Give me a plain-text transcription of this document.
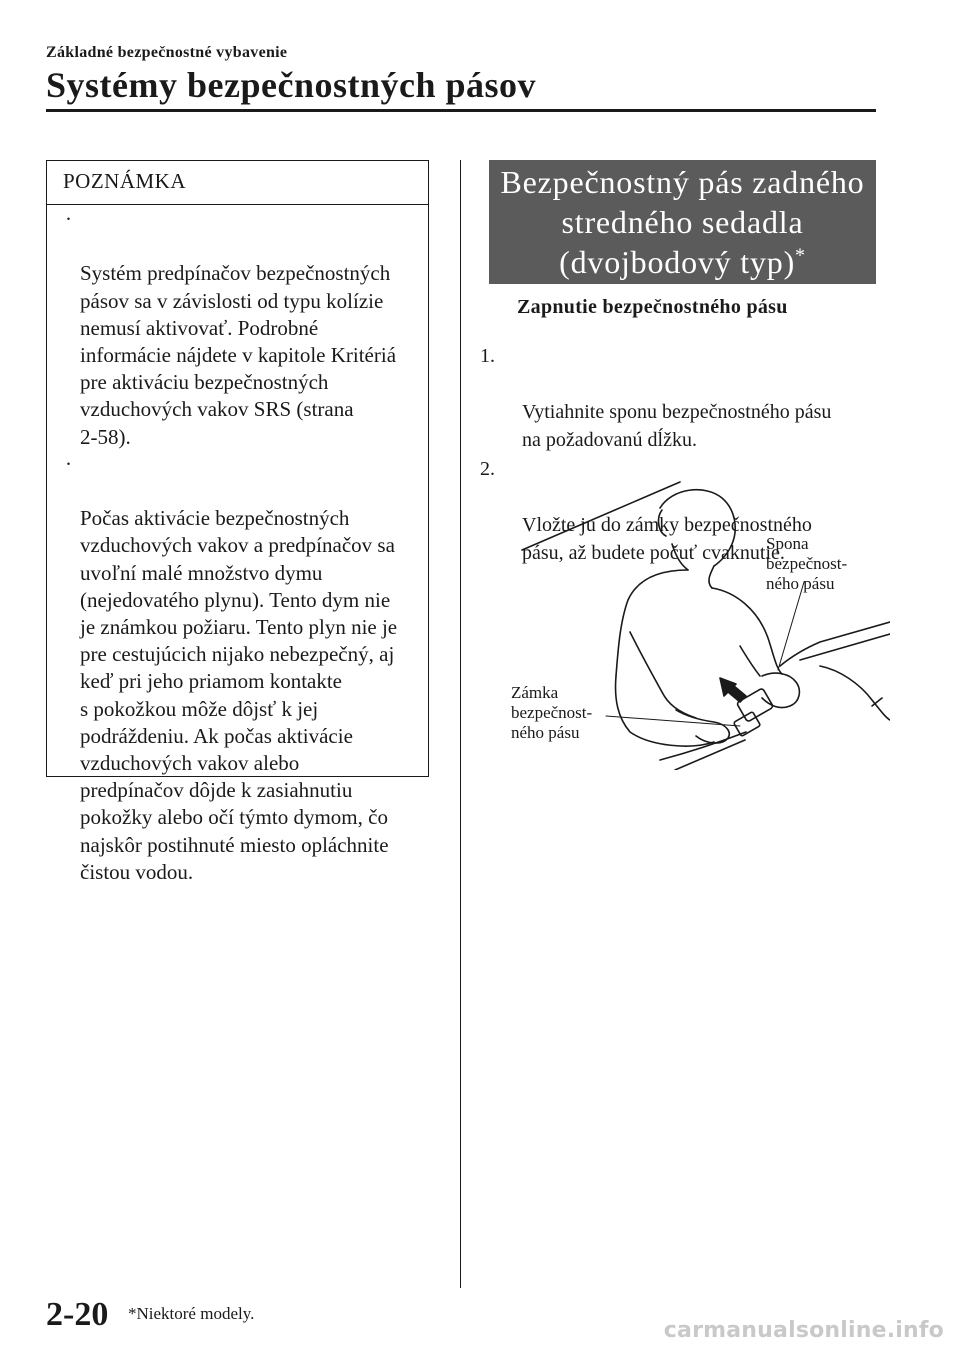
Základné bezpečnostné vybavenie
Systémy bezpečnostných pásov
POZNÁMKA

·

Systém predpínačov bezpečnostných
pásov sa v závislosti od typu kolízie
nemusí aktivovať. Podrobné
informácie nájdete v kapitole Kritériá
pre aktiváciu bezpečnostných
vzduchových vakov SRS (strana
2-58).

·

Počas aktivácie bezpečnostných
vzduchových vakov a predpínačov sa
uvoľní malé množstvo dymu
(nejedovatého plynu). Tento dym nie
je známkou požiaru. Tento plyn nie je
pre cestujúcich nijako nebezpečný, aj
keď pri jeho priamom kontakte
s pokožkou môže dôjsť k jej
podráždeniu. Ak počas aktivácie
vzduchových vakov alebo
predpínačov dôjde k zasiahnutiu
pokožky alebo očí týmto dymom, čo
najskôr postihnuté miesto opláchnite
čistou vodou.

Bezpečnostný pás zadného
stredného sedadla
(dvojbodový typ)*
Zapnutie bezpečnostného pásu

1.

Vytiahnite sponu bezpečnostného pásu
na požadovanú dĺžku.

2.

Vložte ju do zámky bezpečnostného
pásu, až budete počuť cvaknutie.

Spona
bezpečnost-
ného pásu
Zámka
bezpečnost-
ného pásu
2-20 *Niektoré modely.
carmanualsonline.info
